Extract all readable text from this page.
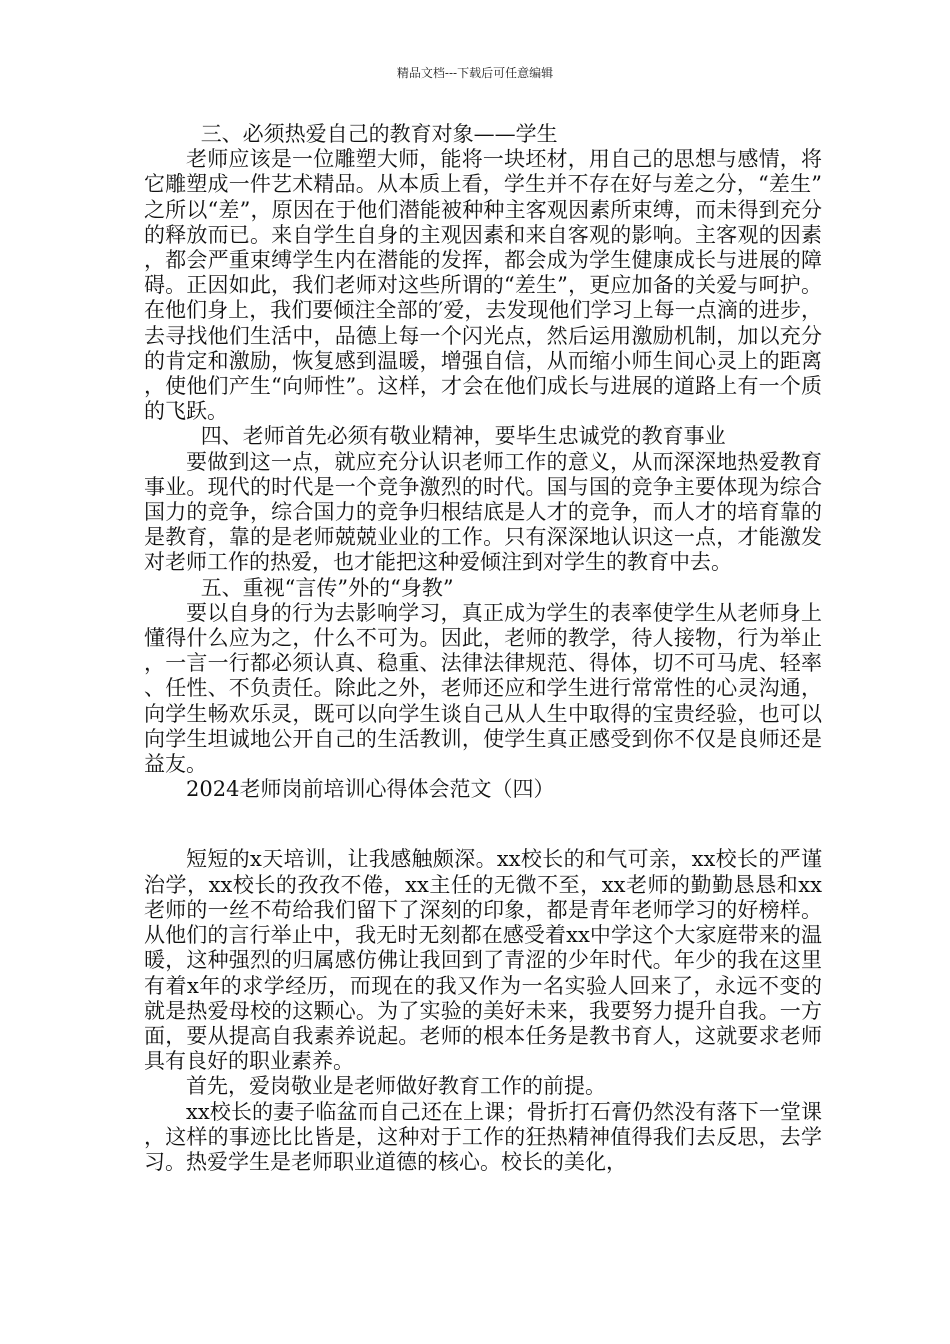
精品文档---下载后可任意编辑

三、必须热爱自己的教育对象——学生

老师应该是一位雕塑大师，能将一块坯材，用自己的思想与感情，将它雕塑成一件艺术精品。从本质上看，学生并不存在好与差之分，“差生”之所以“差”，原因在于他们潜能被种种主客观因素所束缚，而未得到充分的释放而已。来自学生自身的主观因素和来自客观的影响。主客观的因素，都会严重束缚学生内在潜能的发挥，都会成为学生健康成长与进展的障碍。正因如此，我们老师对这些所谓的“差生”，更应加备的关爱与呵护。在他们身上，我们要倾注全部的′爱，去发现他们学习上每一点滴的进步，去寻找他们生活中，品德上每一个闪光点，然后运用激励机制，加以充分的肯定和激励，恢复感到温暖，增强自信，从而缩小师生间心灵上的距离，使他们产生“向师性”。这样，才会在他们成长与进展的道路上有一个质的飞跃。

四、老师首先必须有敬业精神，要毕生忠诚党的教育事业

要做到这一点，就应充分认识老师工作的意义，从而深深地热爱教育事业。现代的时代是一个竞争激烈的时代。国与国的竞争主要体现为综合国力的竞争，综合国力的竞争归根结底是人才的竞争，而人才的培育靠的是教育，靠的是老师兢兢业业的工作。只有深深地认识这一点，才能激发对老师工作的热爱，也才能把这种爱倾注到对学生的教育中去。

五、重视“言传”外的“身教”

要以自身的行为去影响学习，真正成为学生的表率使学生从老师身上懂得什么应为之，什么不可为。因此，老师的教学，待人接物，行为举止，一言一行都必须认真、稳重、法律法律规范、得体，切不可马虎、轻率、任性、不负责任。除此之外，老师还应和学生进行常常性的心灵沟通，向学生畅欢乐灵，既可以向学生谈自己从人生中取得的宝贵经验，也可以向学生坦诚地公开自己的生活教训，使学生真正感受到你不仅是良师还是益友。

2024老师岗前培训心得体会范文（四）

短短的x天培训，让我感触颇深。xx校长的和气可亲，xx校长的严谨治学，xx校长的孜孜不倦，xx主任的无微不至，xx老师的勤勤恳恳和xx老师的一丝不苟给我们留下了深刻的印象，都是青年老师学习的好榜样。从他们的言行举止中，我无时无刻都在感受着xx中学这个大家庭带来的温暖，这种强烈的归属感仿佛让我回到了青涩的少年时代。年少的我在这里有着x年的求学经历，而现在的我又作为一名实验人回来了，永远不变的就是热爱母校的这颗心。为了实验的美好未来，我要努力提升自我。一方面，要从提高自我素养说起。老师的根本任务是教书育人，这就要求老师具有良好的职业素养。

首先，爱岗敬业是老师做好教育工作的前提。

xx校长的妻子临盆而自己还在上课；骨折打石膏仍然没有落下一堂课，这样的事迹比比皆是，这种对于工作的狂热精神值得我们去反思，去学习。热爱学生是老师职业道德的核心。校长的美化，
